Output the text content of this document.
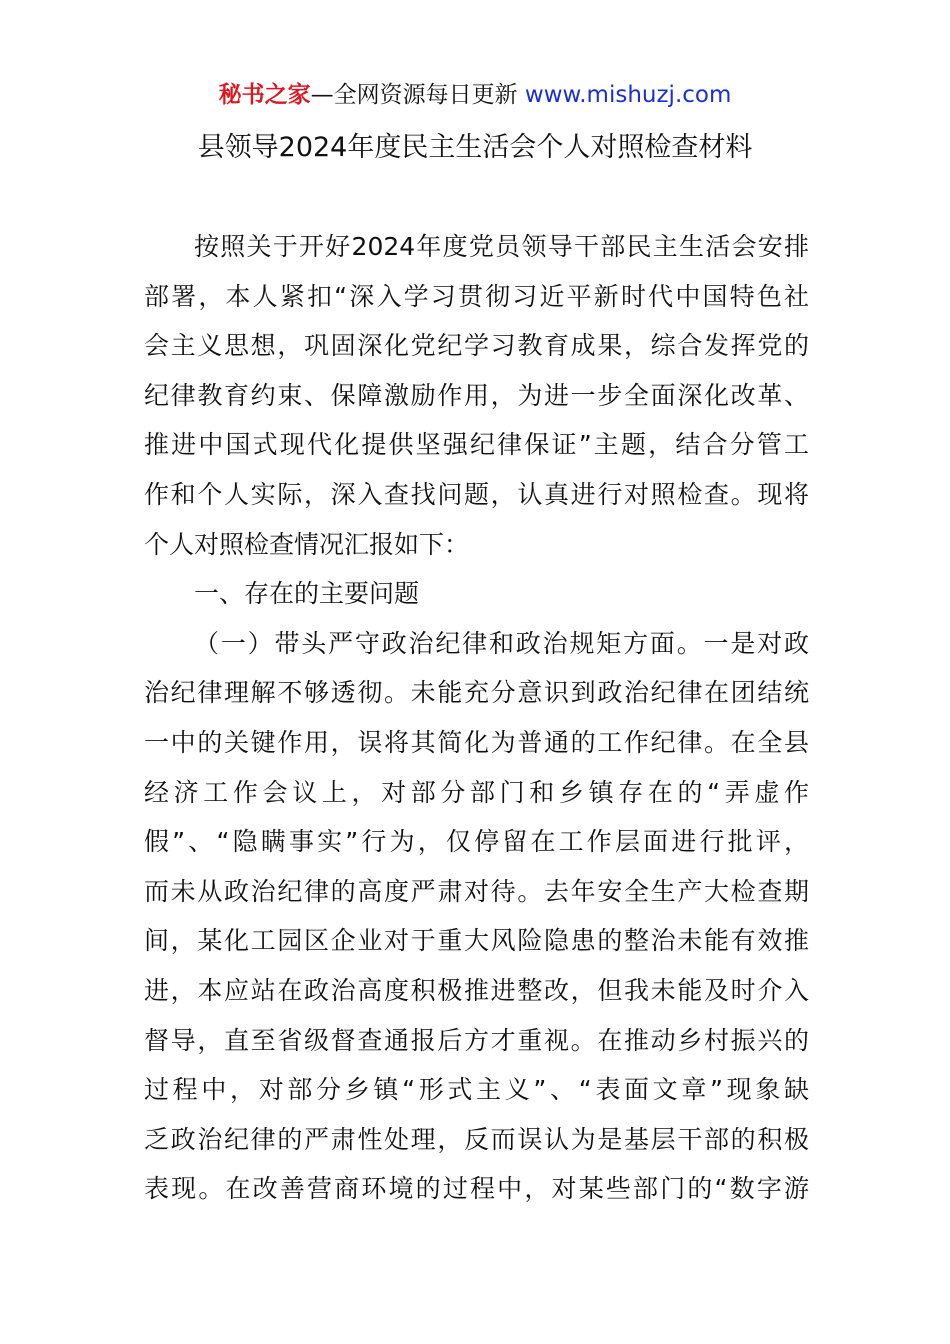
秘书之家—全网资源每日更新 www.mishuzj.com
县领导2024年度民主生活会个人对照检查材料
按照关于开好2024年度党员领导干部民主生活会安排
部署，本人紧扣“深入学习贯彻习近平新时代中国特色社
会主义思想，巩固深化党纪学习教育成果，综合发挥党的
纪律教育约束、保障激励作用，为进一步全面深化改革、
推进中国式现代化提供坚强纪律保证”主题，结合分管工
作和个人实际，深入查找问题，认真进行对照检查。现将
个人对照检查情况汇报如下：
一、存在的主要问题
（一）带头严守政治纪律和政治规矩方面。一是对政
治纪律理解不够透彻。未能充分意识到政治纪律在团结统
一中的关键作用，误将其简化为普通的工作纪律。在全县
经济工作会议上，对部分部门和乡镇存在的“弄虚作
假”、“隐瞒事实”行为，仅停留在工作层面进行批评，
而未从政治纪律的高度严肃对待。去年安全生产大检查期
间，某化工园区企业对于重大风险隐患的整治未能有效推
进，本应站在政治高度积极推进整改，但我未能及时介入
督导，直至省级督查通报后方才重视。在推动乡村振兴的
过程中，对部分乡镇“形式主义”、“表面文章”现象缺
乏政治纪律的严肃性处理，反而误认为是基层干部的积极
表现。在改善营商环境的过程中，对某些部门的“数字游
